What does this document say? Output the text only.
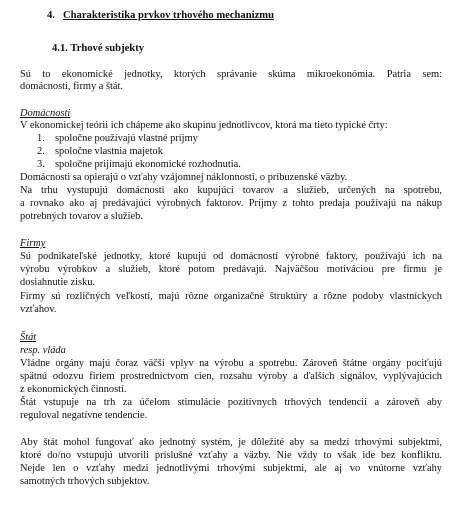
4. Charakteristika prvkov trhového mechanizmu
4.1. Trhové subjekty
Sú to ekonomické jednotky, ktorých správanie skúma mikroekonómia. Patria sem:
domácnosti, firmy a štát.
Domácnosti
V ekonomickej teórii ich chápeme ako skupinu jednotlivcov, ktorá ma tieto typické črty:
1. spoločne používajú vlastné príjmy
2. spoločne vlastnia majetok
3. spoločne prijímajú ekonomické rozhodnutia.
Domácnosti sa opierajú o vzťahy vzájomnej náklonnosti, o príbuzenské väzby.
Na trhu vystupujú domácnosti ako kupujúci tovarov a služieb, určených na spotrebu,
a rovnako ako aj predávajúci výrobných faktorov. Príjmy z tohto predaja používajú na nákup
potrebných tovarov a služieb.
Firmy
Sú podnikateľské jednotky, ktoré kupujú od domácností výrobné faktory, používajú ich na
výrobu výrobkov a služieb, ktoré potom predávajú. Najväčšou motiváciou pre firmu je
dosiahnutie zisku.
Firmy sú rozličných veľkostí, majú rôzne organizačné štruktúry a rôzne podoby vlastníckych
vzťahov.
Štát
resp. vláda
Vládne orgány majú čoraz väčší vplyv na výrobu a spotrebu. Zároveň štátne orgány pociťujú
spätnú odozvu firiem prostredníctvom cien, rozsahu výroby a ďalších signálov, vyplývajúcich
z ekonomických činností.
Štát vstupuje na trh za účelom stimulácie pozitívnych trhových tendencií a zároveň aby
reguloval negatívne tendencie.
Aby štát mohol fungovať ako jednotný systém, je dôležité aby sa medzi trhovými subjektmi,
ktoré do/no vstupujú utvorili príslušné vzťahy a väzby. Nie vždy to však ide bez konfliktu.
Nejde len o vzťahy medzi jednotlivými trhovými subjektmi, ale aj vo vnútorne vzťahy
samotných trhových subjektov.
